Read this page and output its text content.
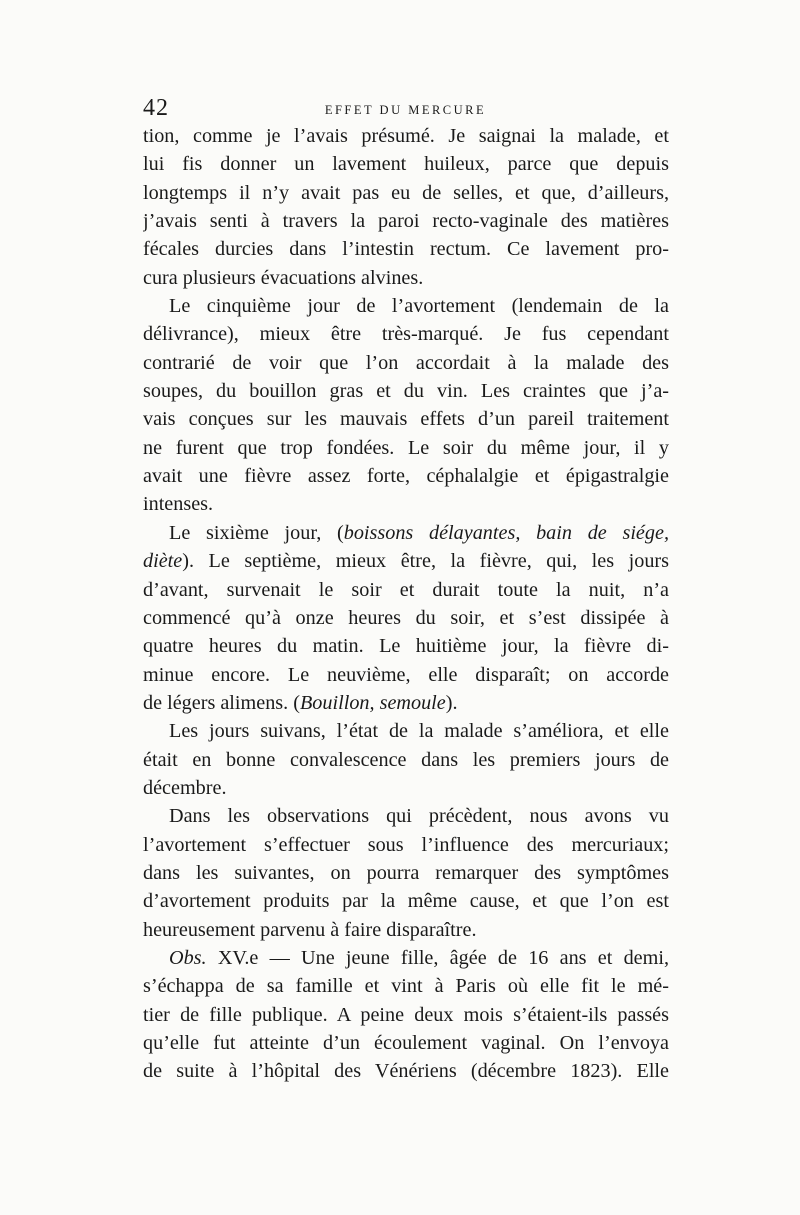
42	EFFET DU MERCURE
tion, comme je l’avais présumé. Je saignai la malade, et
lui fis donner un lavement huileux, parce que depuis
longtemps il n’y avait pas eu de selles, et que, d’ailleurs,
j’avais senti à travers la paroi recto-vaginale des matières
fécales durcies dans l’intestin rectum. Ce lavement pro-
cura plusieurs évacuations alvines.
Le cinquième jour de l’avortement (lendemain de la
délivrance), mieux être très-marqué. Je fus cependant
contrarié de voir que l’on accordait à la malade des
soupes, du bouillon gras et du vin. Les craintes que j’a-
vais conçues sur les mauvais effets d’un pareil traitement
ne furent que trop fondées. Le soir du même jour, il y
avait une fièvre assez forte, céphalalgie et épigastralgie
intenses.
Le sixième jour, (boissons délayantes, bain de siége,
diète). Le septième, mieux être, la fièvre, qui, les jours
d’avant, survenait le soir et durait toute la nuit, n’a
commencé qu’à onze heures du soir, et s’est dissipée à
quatre heures du matin. Le huitième jour, la fièvre di-
minue encore. Le neuvième, elle disparaît; on accorde
de légers alimens. (Bouillon, semoule).
Les jours suivans, l’état de la malade s’améliora, et elle
était en bonne convalescence dans les premiers jours de
décembre.
Dans les observations qui précèdent, nous avons vu
l’avortement s’effectuer sous l’influence des mercuriaux;
dans les suivantes, on pourra remarquer des symptômes
d’avortement produits par la même cause, et que l’on est
heureusement parvenu à faire disparaître.
Obs. XV.e — Une jeune fille, âgée de 16 ans et demi,
s’échappa de sa famille et vint à Paris où elle fit le mé-
tier de fille publique. A peine deux mois s’étaient-ils passés
qu’elle fut atteinte d’un écoulement vaginal. On l’envoya
de suite à l’hôpital des Vénériens (décembre 1823). Elle
